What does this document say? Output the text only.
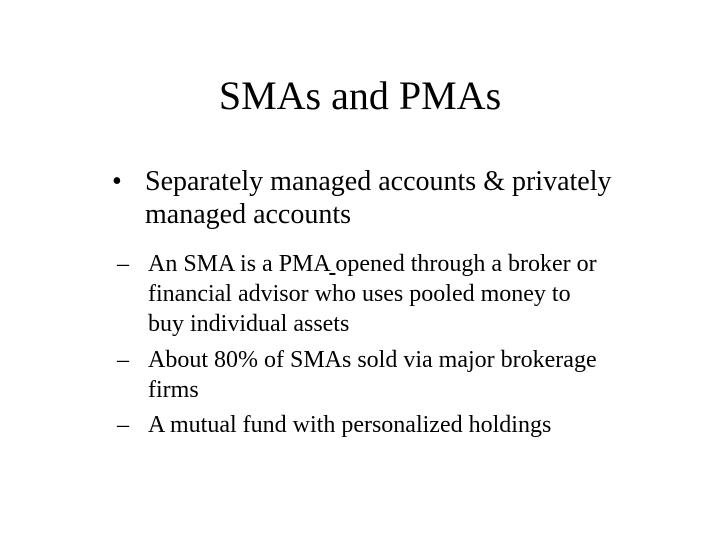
SMAs and PMAs
• Separately managed accounts & privately
managed accounts
– An SMA is a PMA opened through a broker or
financial advisor who uses pooled money to
buy individual assets
– About 80% of SMAs sold via major brokerage
firms
– A mutual fund with personalized holdings
